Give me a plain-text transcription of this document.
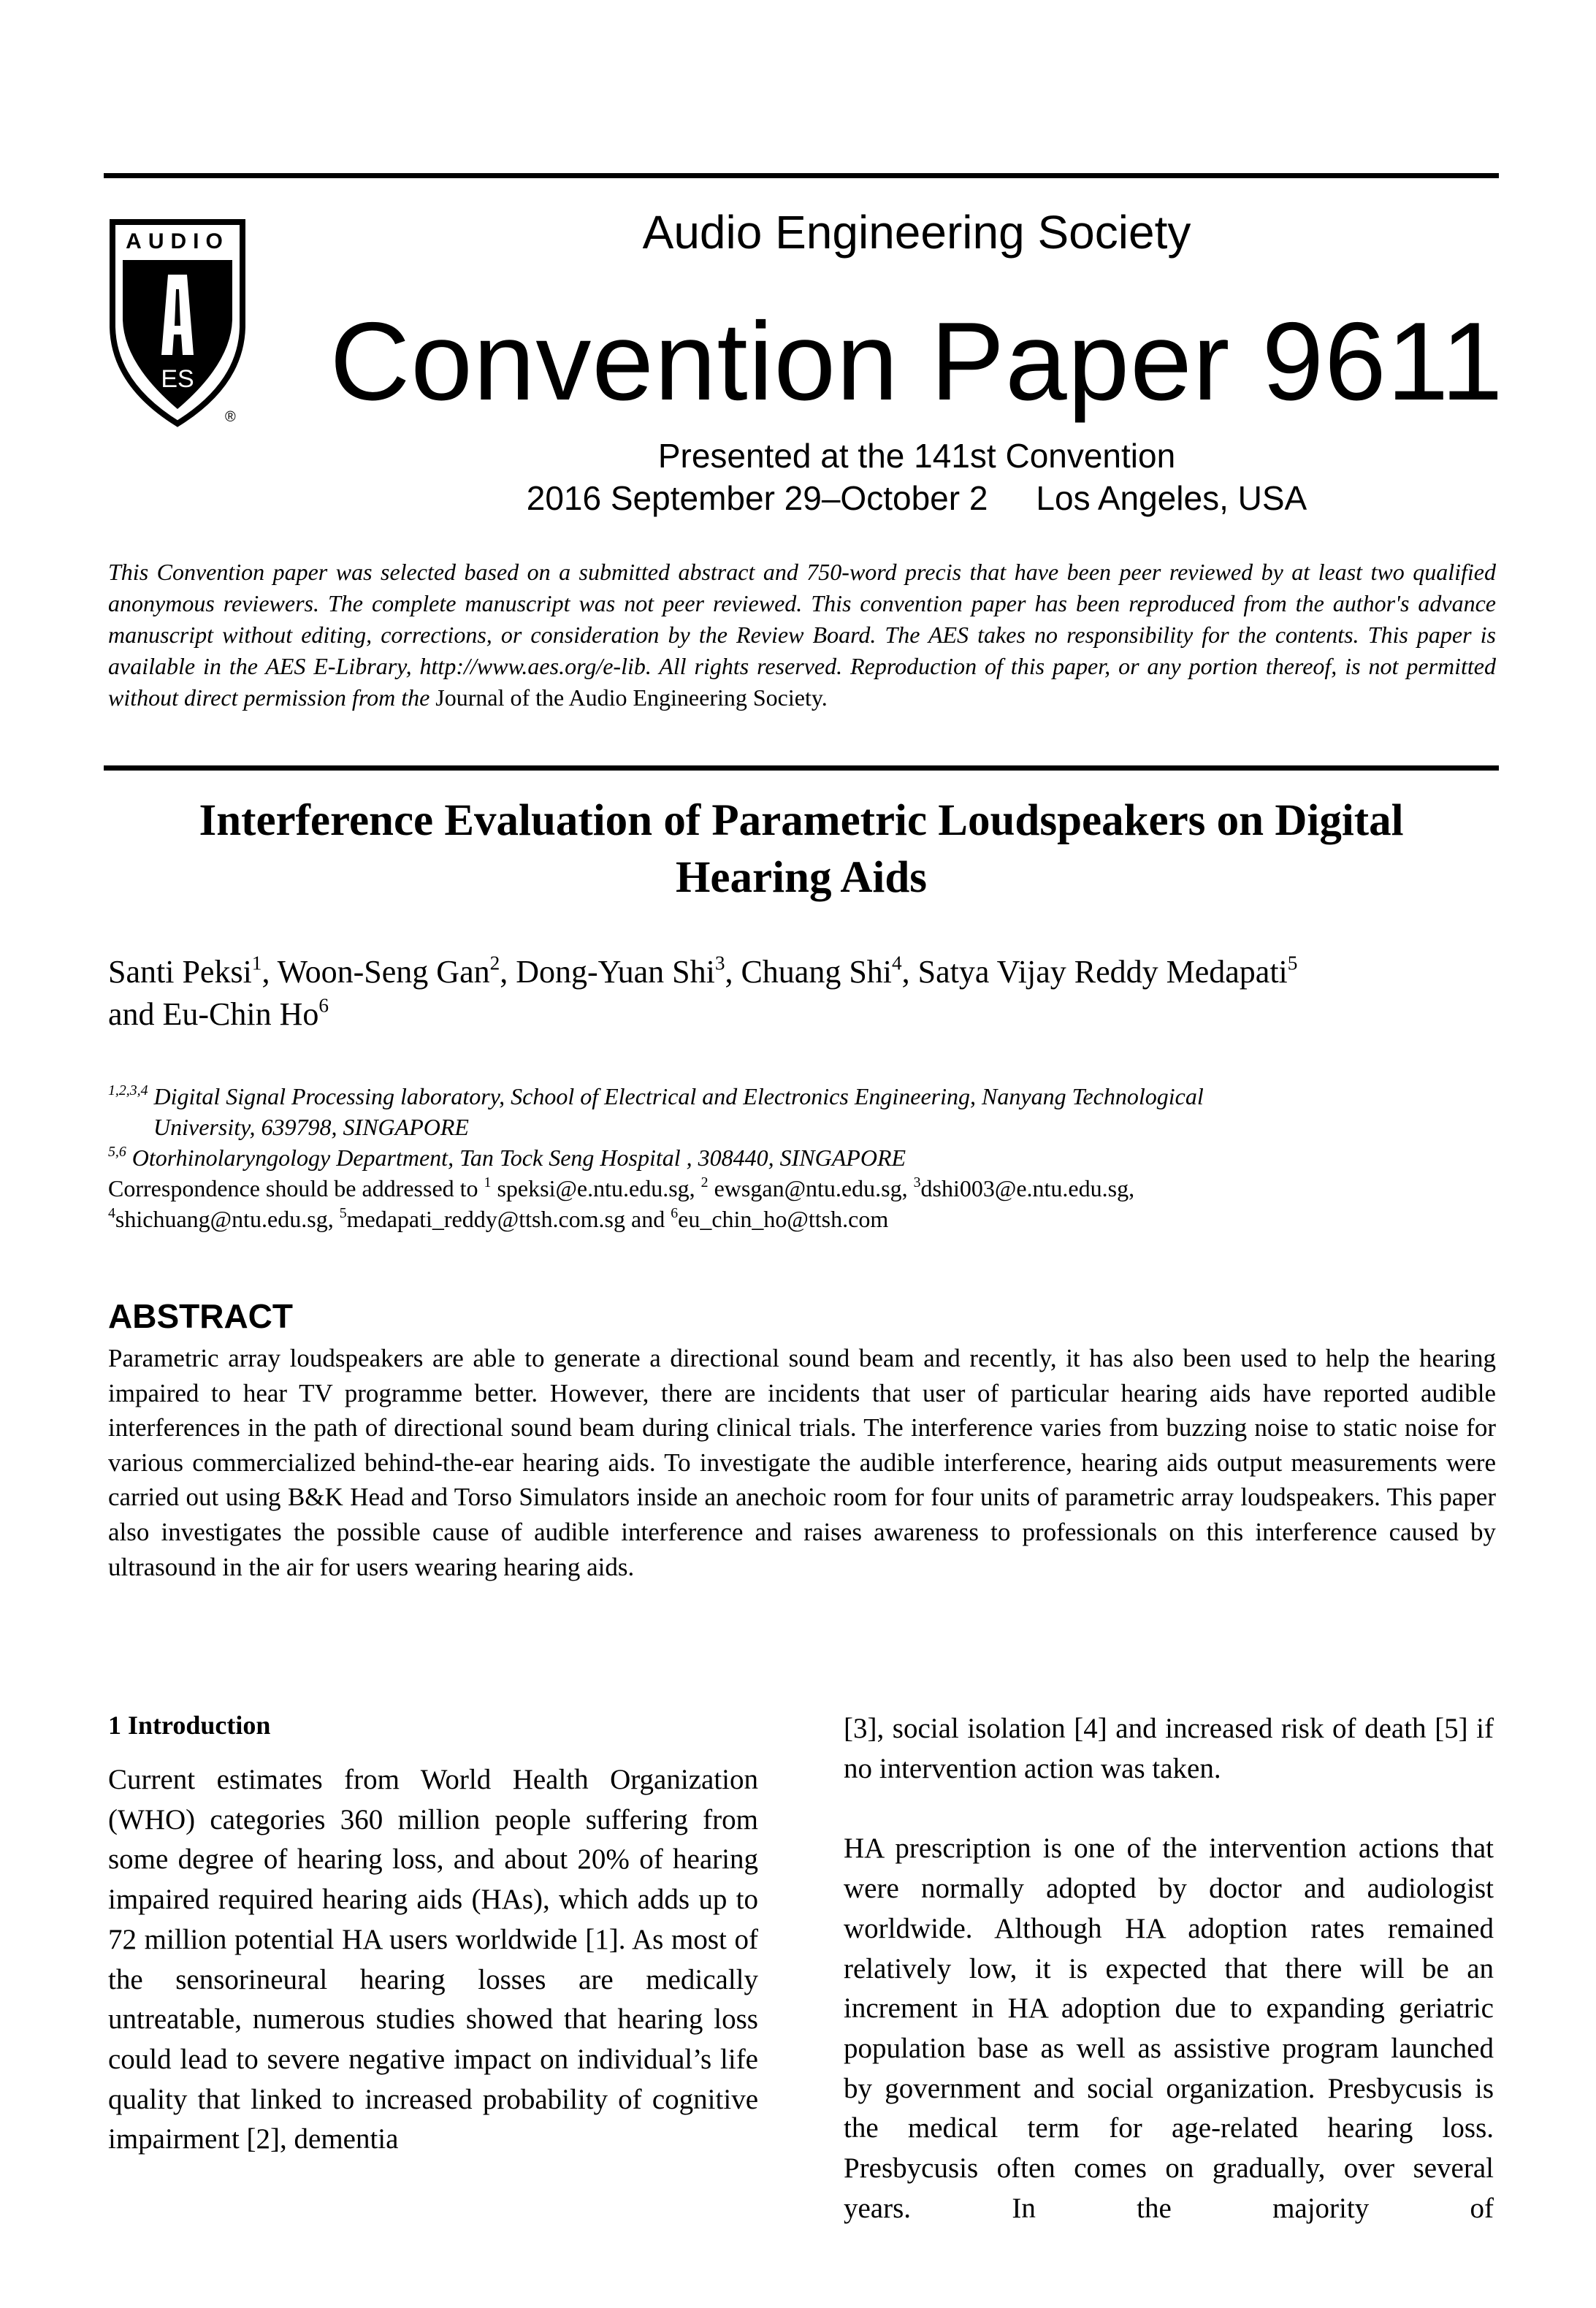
AUDIO
ES
®
Audio Engineering Society
Convention Paper 9611
Presented at the 141st Convention
2016 September 29–October 2 Los Angeles, USA
This Convention paper was selected based on a submitted abstract and 750-word precis that have been peer reviewed by at least two qualified anonymous reviewers. The complete manuscript was not peer reviewed. This convention paper has been reproduced from the author's advance manuscript without editing, corrections, or consideration by the Review Board. The AES takes no responsibility for the contents. This paper is available in the AES E-Library, http://www.aes.org/e-lib. All rights reserved. Reproduction of this paper, or any portion thereof, is not permitted without direct permission from the Journal of the Audio Engineering Society.
Interference Evaluation of Parametric Loudspeakers on Digital
Hearing Aids
Santi Peksi$^1$, Woon-Seng Gan$^2$, Dong-Yuan Shi$^3$, Chuang Shi$^4$, Satya Vijay Reddy Medapati$^5$
and Eu-Chin Ho$^6$
$^{1,2,3,4}$ Digital Signal Processing laboratory, School of Electrical and Electronics Engineering, Nanyang Technological
University, 639798, SINGAPORE
$^{5,6}$ Otorhinolaryngology Department, Tan Tock Seng Hospital , 308440, SINGAPORE
Correspondence should be addressed to $^1$ speksi@e.ntu.edu.sg, $^2$ ewsgan@ntu.edu.sg, $^3$dshi003@e.ntu.edu.sg,
$^4$shichuang@ntu.edu.sg, $^5$medapati_reddy@ttsh.com.sg and $^6$eu_chin_ho@ttsh.com
ABSTRACT
Parametric array loudspeakers are able to generate a directional sound beam and recently, it has also been used to help the hearing impaired to hear TV programme better. However, there are incidents that user of particular hearing aids have reported audible interferences in the path of directional sound beam during clinical trials. The interference varies from buzzing noise to static noise for various commercialized behind-the-ear hearing aids. To investigate the audible interference, hearing aids output measurements were carried out using B&K Head and Torso Simulators inside an anechoic room for four units of parametric array loudspeakers. This paper also investigates the possible cause of audible interference and raises awareness to professionals on this interference caused by ultrasound in the air for users wearing hearing aids.
1 Introduction
Current estimates from World Health Organization (WHO) categories 360 million people suffering from some degree of hearing loss, and about 20% of hearing impaired required hearing aids (HAs), which adds up to 72 million potential HA users worldwide [1]. As most of the sensorineural hearing losses are medically untreatable, numerous studies showed that hearing loss could lead to severe negative impact on individual’s life quality that linked to increased probability of cognitive impairment [2], dementia

[3], social isolation [4] and increased risk of death [5] if no intervention action was taken.

HA prescription is one of the intervention actions that were normally adopted by doctor and audiologist worldwide. Although HA adoption rates remained relatively low, it is expected that there will be an increment in HA adoption due to expanding geriatric population base as well as assistive program launched by government and social organization. Presbycusis is the medical term for age-related hearing loss. Presbycusis often comes on gradually, over several years. In the majority of
